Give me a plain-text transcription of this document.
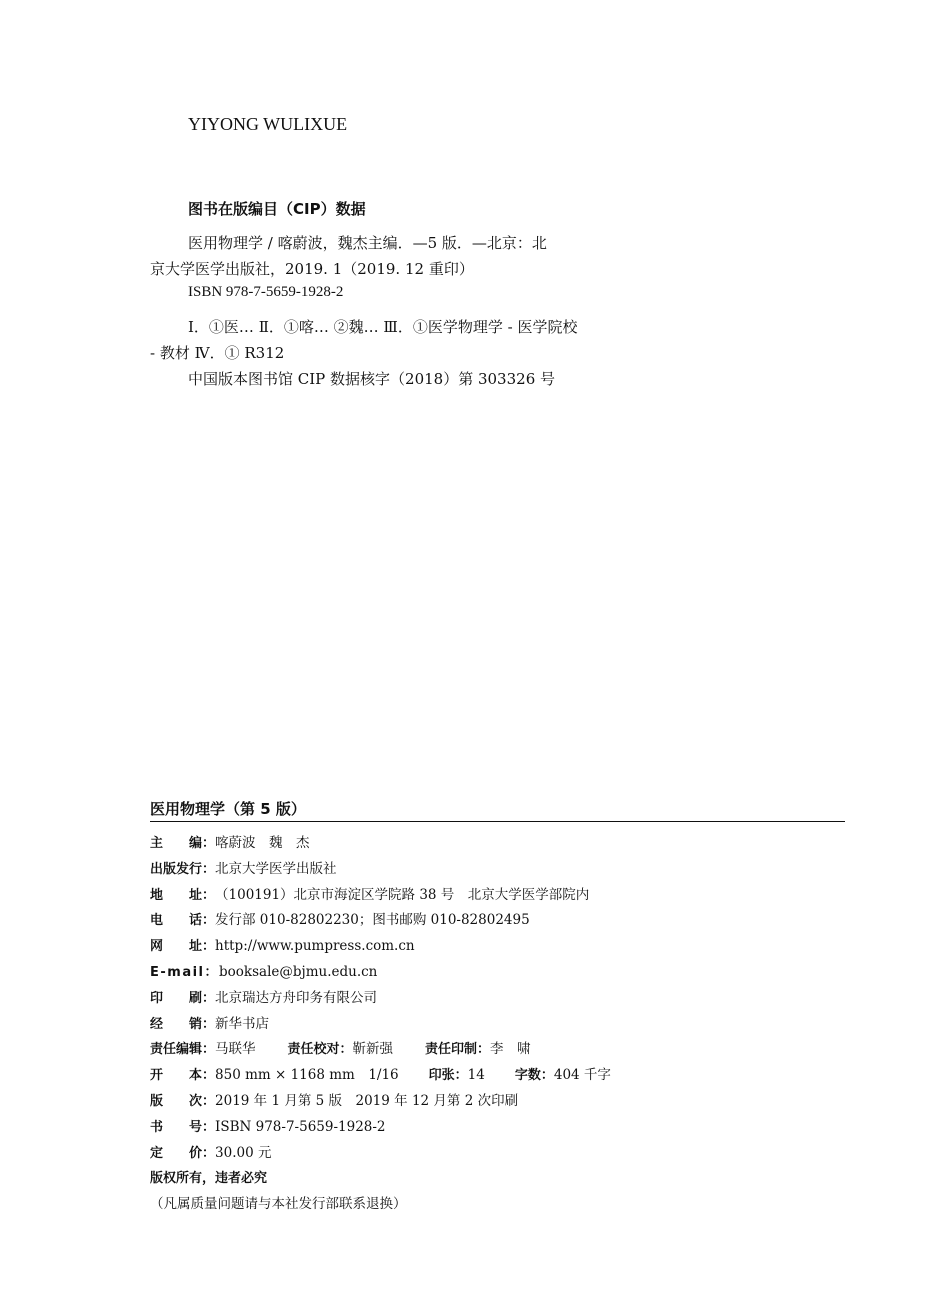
YIYONG WULIXUE
图书在版编目（CIP）数据
医用物理学 / 喀蔚波，魏杰主编．—5 版．—北京：北
京大学医学出版社，2019. 1（2019. 12 重印）
ISBN 978-7-5659-1928-2
Ⅰ．①医… Ⅱ．①喀… ②魏… Ⅲ．①医学物理学 - 医学院校
- 教材 Ⅳ．① R312
中国版本图书馆 CIP 数据核字（2018）第 303326 号
医用物理学（第 5 版）
主　　编：喀蔚波　魏　杰
出版发行：北京大学医学出版社
地　　址：（100191）北京市海淀区学院路 38 号　北京大学医学部院内
电　　话：发行部 010-82802230；图书邮购 010-82802495
网　　址：http://www.pumpress.com.cn
E-mail：booksale@bjmu.edu.cn
印　　刷：北京瑞达方舟印务有限公司
经　　销：新华书店
责任编辑：马联华 责任校对：靳新强 责任印制：李　啸
开　　本：850 mm × 1168 mm　1/16 印张：14 字数：404 千字
版　　次：2019 年 1 月第 5 版　2019 年 12 月第 2 次印刷
书　　号：ISBN 978-7-5659-1928-2
定　　价：30.00 元
版权所有，违者必究
（凡属质量问题请与本社发行部联系退换）
